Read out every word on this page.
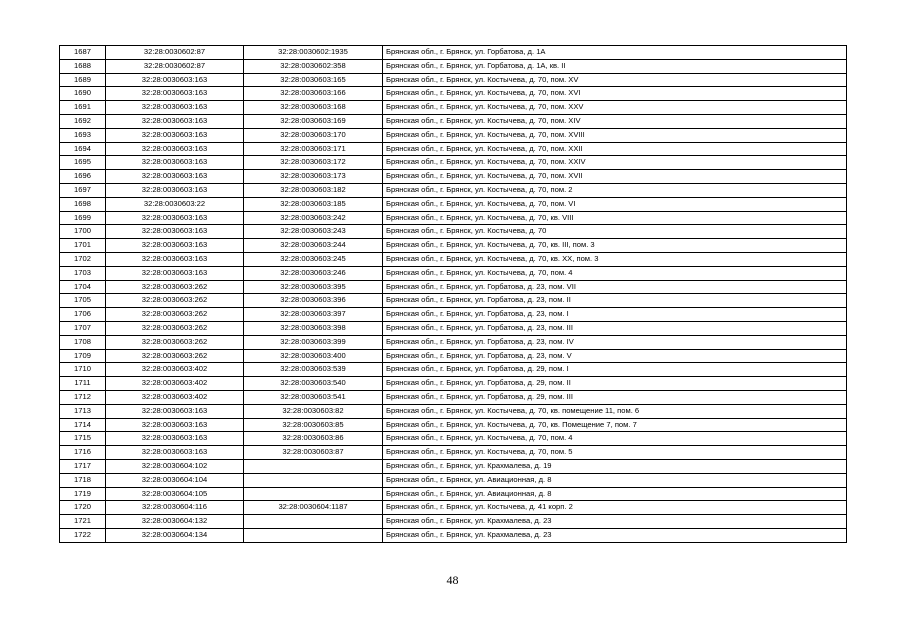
1687	32:28:0030602:87	32:28:0030602:1935	Брянская обл., г. Брянск, ул. Горбатова, д. 1А
1688	32:28:0030602:87	32:28:0030602:358	Брянская обл., г. Брянск, ул. Горбатова, д. 1А, кв. II
1689	32:28:0030603:163	32:28:0030603:165	Брянская обл., г. Брянск, ул. Костычева, д. 70, пом. XV
1690	32:28:0030603:163	32:28:0030603:166	Брянская обл., г. Брянск, ул. Костычева, д. 70, пом. XVI
1691	32:28:0030603:163	32:28:0030603:168	Брянская обл., г. Брянск, ул. Костычева, д. 70, пом. XXV
1692	32:28:0030603:163	32:28:0030603:169	Брянская обл., г. Брянск, ул. Костычева, д. 70, пом. XIV
1693	32:28:0030603:163	32:28:0030603:170	Брянская обл., г. Брянск, ул. Костычева, д. 70, пом. XVIII
1694	32:28:0030603:163	32:28:0030603:171	Брянская обл., г. Брянск, ул. Костычева, д. 70, пом. XXII
1695	32:28:0030603:163	32:28:0030603:172	Брянская обл., г. Брянск, ул. Костычева, д. 70, пом. XXIV
1696	32:28:0030603:163	32:28:0030603:173	Брянская обл., г. Брянск, ул. Костычева, д. 70, пом. XVII
1697	32:28:0030603:163	32:28:0030603:182	Брянская обл., г. Брянск, ул. Костычева, д. 70, пом. 2
1698	32:28:0030603:22	32:28:0030603:185	Брянская обл., г. Брянск, ул. Костычева, д. 70, пом. VI
1699	32:28:0030603:163	32:28:0030603:242	Брянская обл., г. Брянск, ул. Костычева, д. 70, кв. VIII
1700	32:28:0030603:163	32:28:0030603:243	Брянская обл., г. Брянск, ул. Костычева, д. 70
1701	32:28:0030603:163	32:28:0030603:244	Брянская обл., г. Брянск, ул. Костычева, д. 70, кв. III, пом. 3
1702	32:28:0030603:163	32:28:0030603:245	Брянская обл., г. Брянск, ул. Костычева, д. 70, кв. XX, пом. 3
1703	32:28:0030603:163	32:28:0030603:246	Брянская обл., г. Брянск, ул. Костычева, д. 70, пом. 4
1704	32:28:0030603:262	32:28:0030603:395	Брянская обл., г. Брянск, ул. Горбатова, д. 23, пом. VII
1705	32:28:0030603:262	32:28:0030603:396	Брянская обл., г. Брянск, ул. Горбатова, д. 23, пом. II
1706	32:28:0030603:262	32:28:0030603:397	Брянская обл., г. Брянск, ул. Горбатова, д. 23, пом. I
1707	32:28:0030603:262	32:28:0030603:398	Брянская обл., г. Брянск, ул. Горбатова, д. 23, пом. III
1708	32:28:0030603:262	32:28:0030603:399	Брянская обл., г. Брянск, ул. Горбатова, д. 23, пом. IV
1709	32:28:0030603:262	32:28:0030603:400	Брянская обл., г. Брянск, ул. Горбатова, д. 23, пом. V
1710	32:28:0030603:402	32:28:0030603:539	Брянская обл., г. Брянск, ул. Горбатова, д. 29, пом. I
1711	32:28:0030603:402	32:28:0030603:540	Брянская обл., г. Брянск, ул. Горбатова, д. 29, пом. II
1712	32:28:0030603:402	32:28:0030603:541	Брянская обл., г. Брянск, ул. Горбатова, д. 29, пом. III
1713	32:28:0030603:163	32:28:0030603:82	Брянская обл., г. Брянск, ул. Костычева, д. 70, кв. помещение 11, пом. 6
1714	32:28:0030603:163	32:28:0030603:85	Брянская обл., г. Брянск, ул. Костычева, д. 70, кв. Помещение 7, пом. 7
1715	32:28:0030603:163	32:28:0030603:86	Брянская обл., г. Брянск, ул. Костычева, д. 70, пом. 4
1716	32:28:0030603:163	32:28:0030603:87	Брянская обл., г. Брянск, ул. Костычева, д. 70, пом. 5
1717	32:28:0030604:102		Брянская обл., г. Брянск, ул. Крахмалева, д. 19
1718	32:28:0030604:104		Брянская обл., г. Брянск, ул. Авиационная, д. 8
1719	32:28:0030604:105		Брянская обл., г. Брянск, ул. Авиационная, д. 8
1720	32:28:0030604:116	32:28:0030604:1187	Брянская обл., г. Брянск, ул. Костычева, д. 41 корп. 2
1721	32:28:0030604:132		Брянская обл., г. Брянск, ул. Крахмалева, д. 23
1722	32:28:0030604:134		Брянская обл., г. Брянск, ул. Крахмалева, д. 23
48
